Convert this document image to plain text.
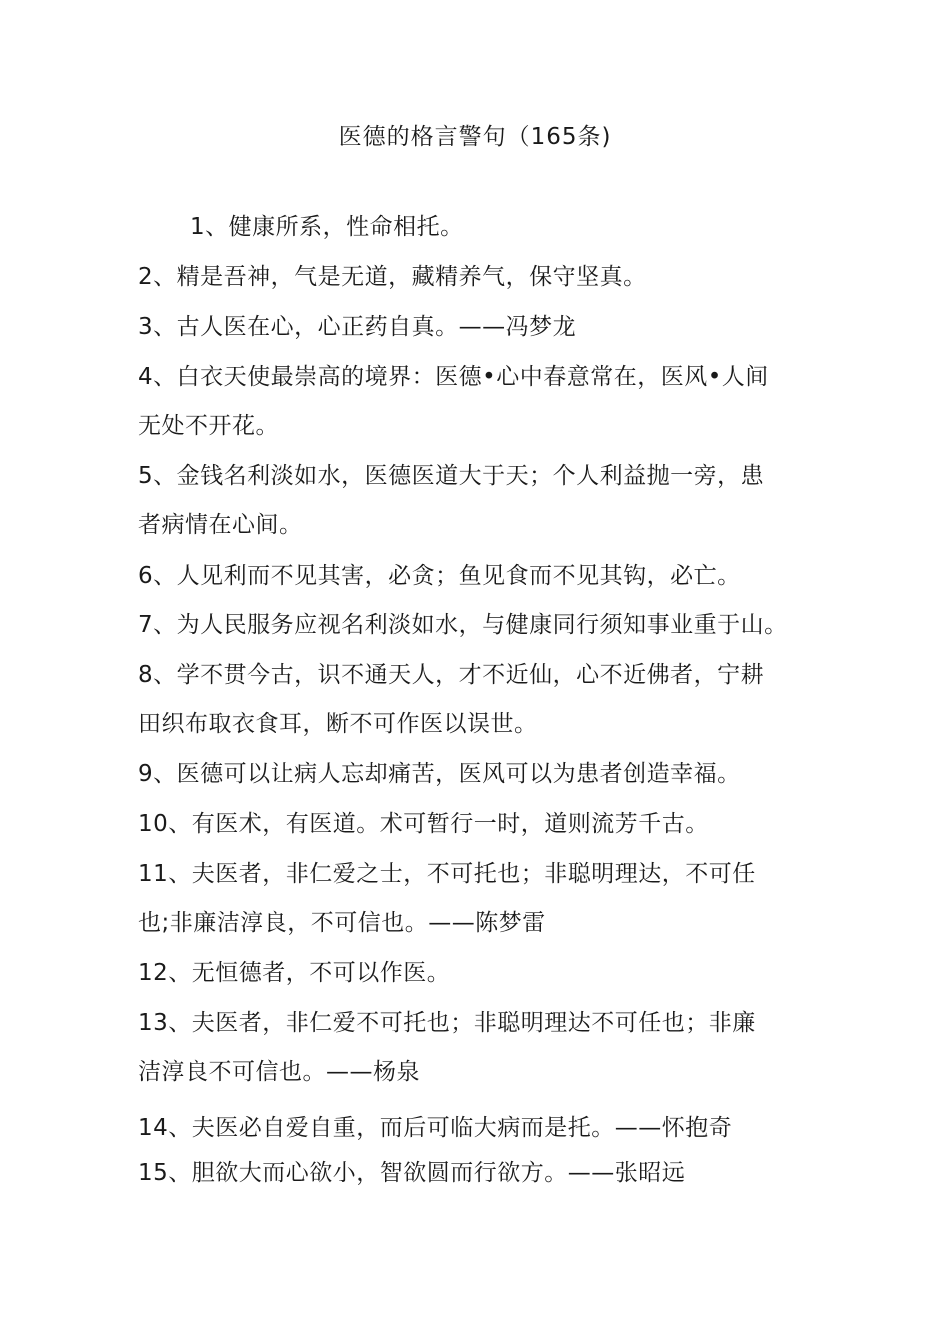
医德的格言警句（165条)
1、健康所系，性命相托。
2、精是吾神，气是无道，藏精养气，保守坚真。
3、古人医在心，心正药自真。——冯梦龙
4、白衣天使最崇高的境界：医德•心中春意常在，医风•人间
无处不开花。
5、金钱名利淡如水，医德医道大于天；个人利益抛一旁，患
者病情在心间。
6、人见利而不见其害，必贪；鱼见食而不见其钩，必亡。
7、为人民服务应视名利淡如水，与健康同行须知事业重于山。
8、学不贯今古，识不通天人，才不近仙，心不近佛者，宁耕
田织布取衣食耳，断不可作医以误世。
9、医德可以让病人忘却痛苦，医风可以为患者创造幸福。
10、有医术，有医道。术可暂行一时，道则流芳千古。
11、夫医者，非仁爱之士，不可托也；非聪明理达，不可任
也;非廉洁淳良，不可信也。——陈梦雷
12、无恒德者，不可以作医。
13、夫医者，非仁爱不可托也；非聪明理达不可任也；非廉
洁淳良不可信也。——杨泉
14、夫医必自爱自重，而后可临大病而是托。——怀抱奇
15、胆欲大而心欲小，智欲圆而行欲方。——张昭远
